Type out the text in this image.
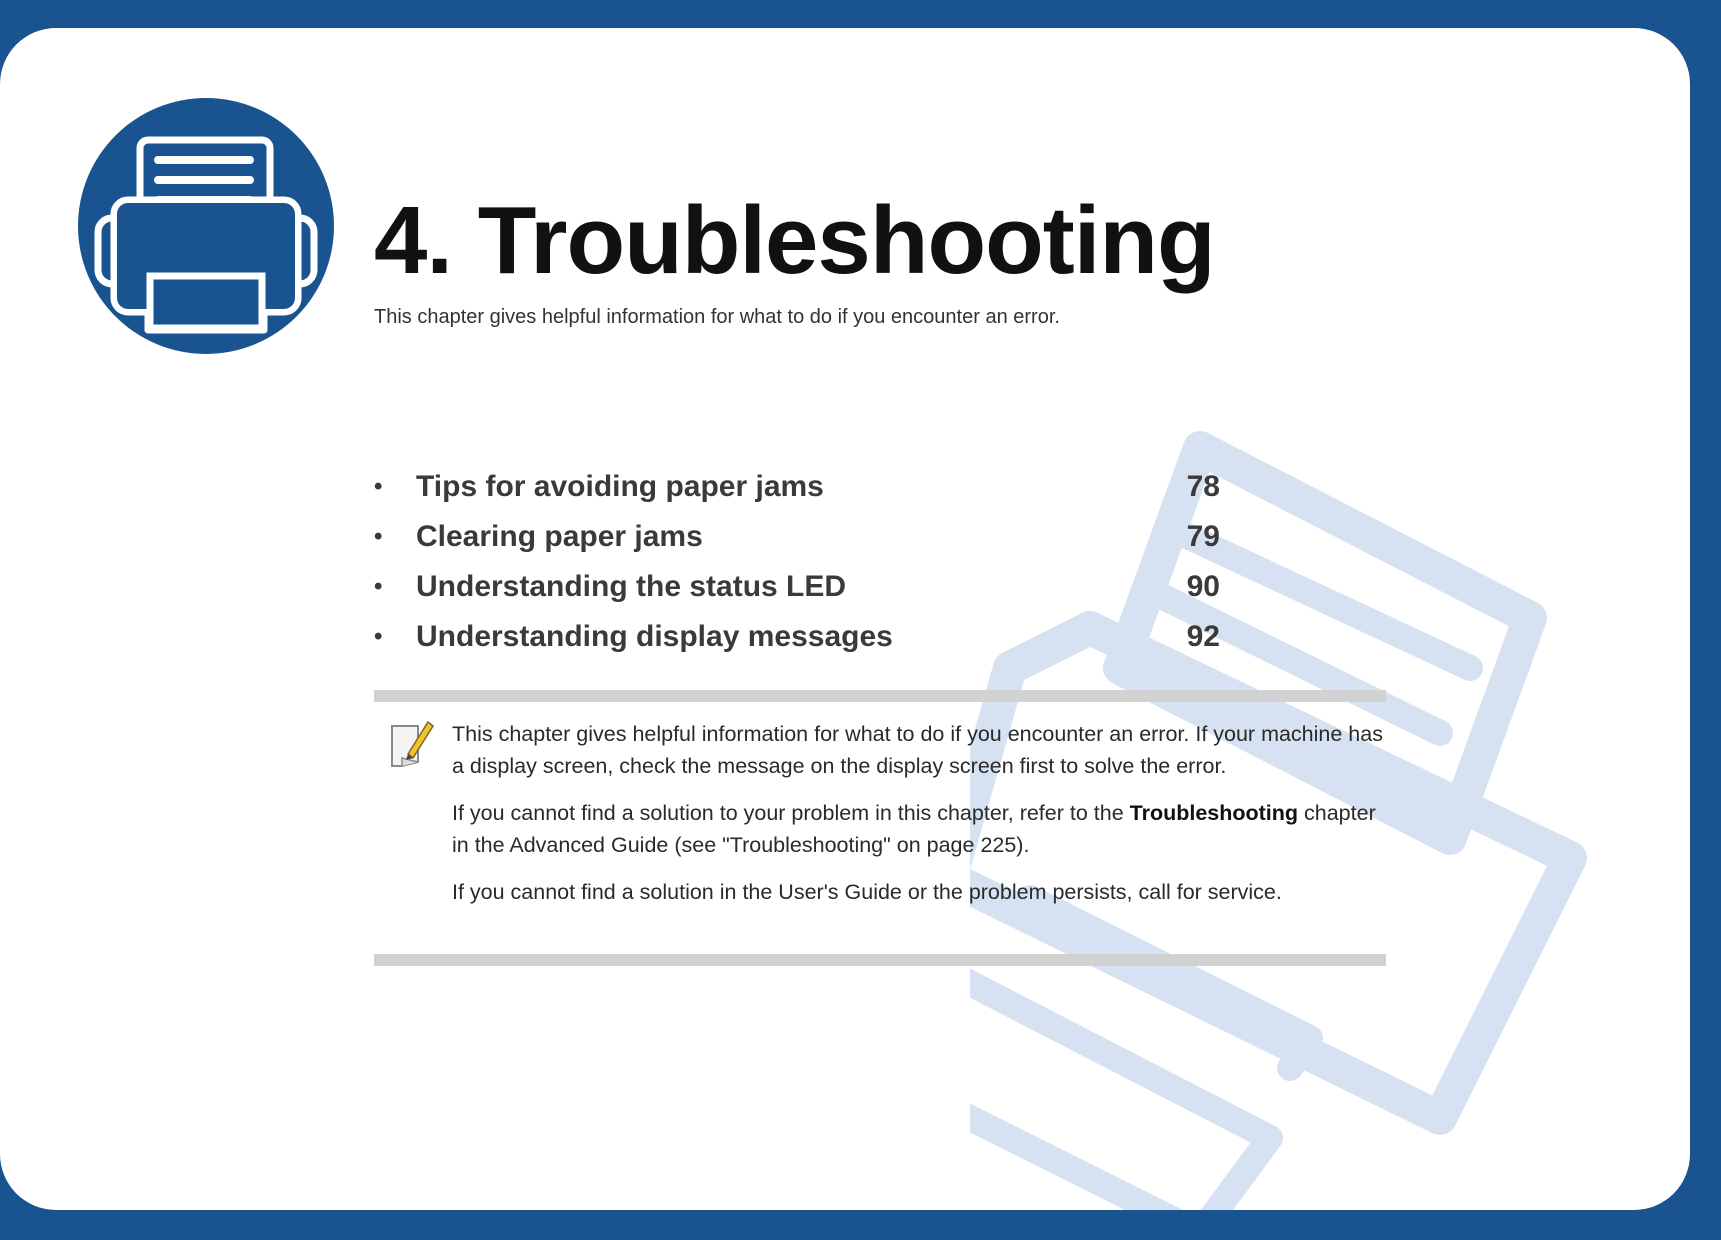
4. Troubleshooting
This chapter gives helpful information for what to do if you encounter an error.
• Tips for avoiding paper jams	78
• Clearing paper jams	79
• Understanding the status LED	90
• Understanding display messages	92

This chapter gives helpful information for what to do if you encounter an error. If your machine has a display screen, check the message on the display screen first to solve the error.

If you cannot find a solution to your problem in this chapter, refer to the Troubleshooting chapter in the Advanced Guide (see "Troubleshooting" on page 225).

If you cannot find a solution in the User's Guide or the problem persists, call for service.
